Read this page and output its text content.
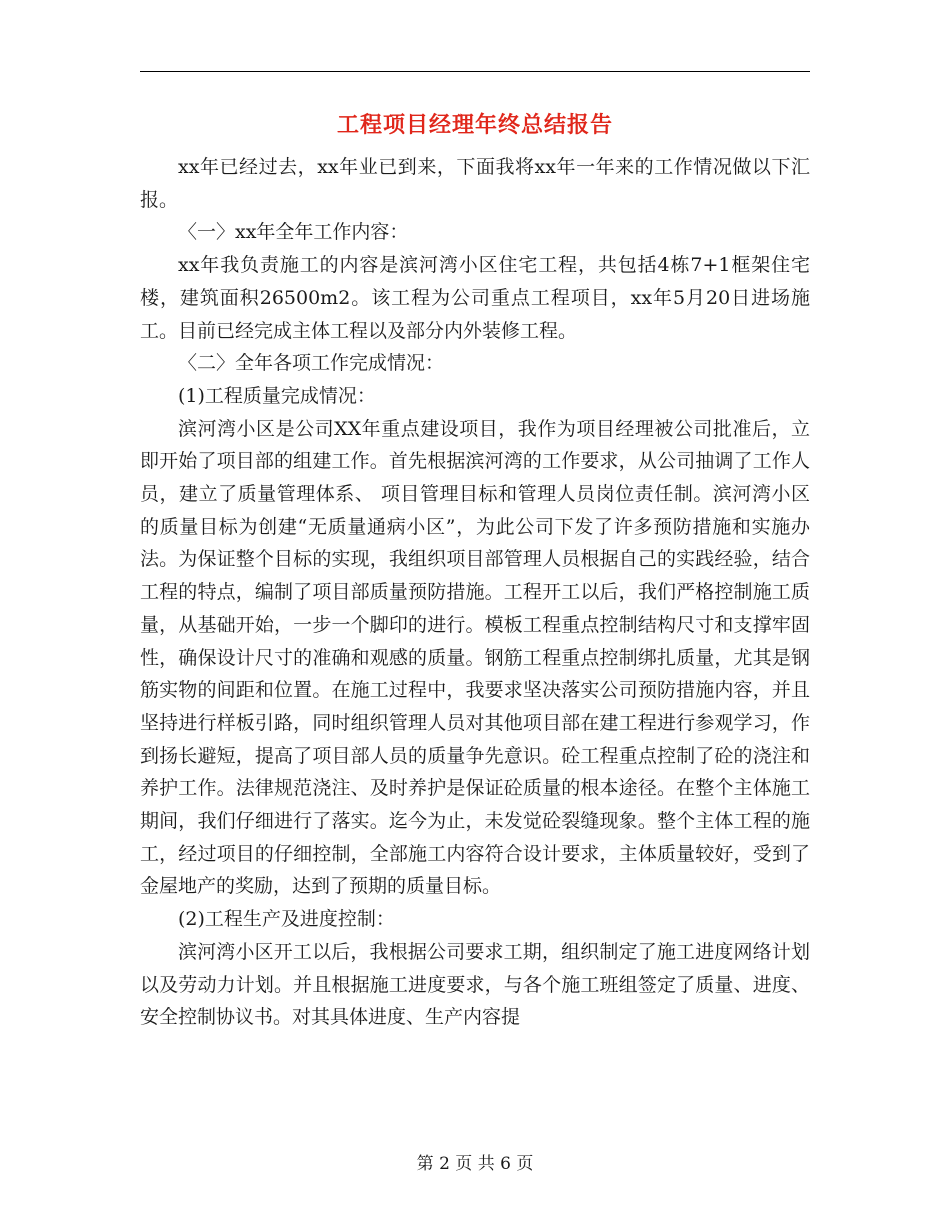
工程项目经理年终总结报告

xx年已经过去，xx年业已到来，下面我将xx年一年来的工作情况做以下汇报。

〈一〉xx年全年工作内容：

xx年我负责施工的内容是滨河湾小区住宅工程，共包括4栋7+1框架住宅楼，建筑面积26500m2。该工程为公司重点工程项目，xx年5月20日进场施工。目前已经完成主体工程以及部分内外装修工程。

〈二〉全年各项工作完成情况：

(1)工程质量完成情况：

滨河湾小区是公司XX年重点建设项目，我作为项目经理被公司批准后，立即开始了项目部的组建工作。首先根据滨河湾的工作要求，从公司抽调了工作人员，建立了质量管理体系、 项目管理目标和管理人员岗位责任制。滨河湾小区的质量目标为创建“无质量通病小区”，为此公司下发了许多预防措施和实施办法。为保证整个目标的实现，我组织项目部管理人员根据自己的实践经验，结合工程的特点，编制了项目部质量预防措施。工程开工以后，我们严格控制施工质量，从基础开始，一步一个脚印的进行。模板工程重点控制结构尺寸和支撑牢固性，确保设计尺寸的准确和观感的质量。钢筋工程重点控制绑扎质量，尤其是钢筋实物的间距和位置。在施工过程中，我要求坚决落实公司预防措施内容，并且坚持进行样板引路，同时组织管理人员对其他项目部在建工程进行参观学习，作到扬长避短，提高了项目部人员的质量争先意识。砼工程重点控制了砼的浇注和养护工作。法律规范浇注、及时养护是保证砼质量的根本途径。在整个主体施工期间，我们仔细进行了落实。迄今为止，未发觉砼裂缝现象。整个主体工程的施工，经过项目的仔细控制，全部施工内容符合设计要求，主体质量较好，受到了金屋地产的奖励，达到了预期的质量目标。

(2)工程生产及进度控制：

滨河湾小区开工以后，我根据公司要求工期，组织制定了施工进度网络计划以及劳动力计划。并且根据施工进度要求，与各个施工班组签定了质量、进度、安全控制协议书。对其具体进度、生产内容提

第 2 页 共 6 页
